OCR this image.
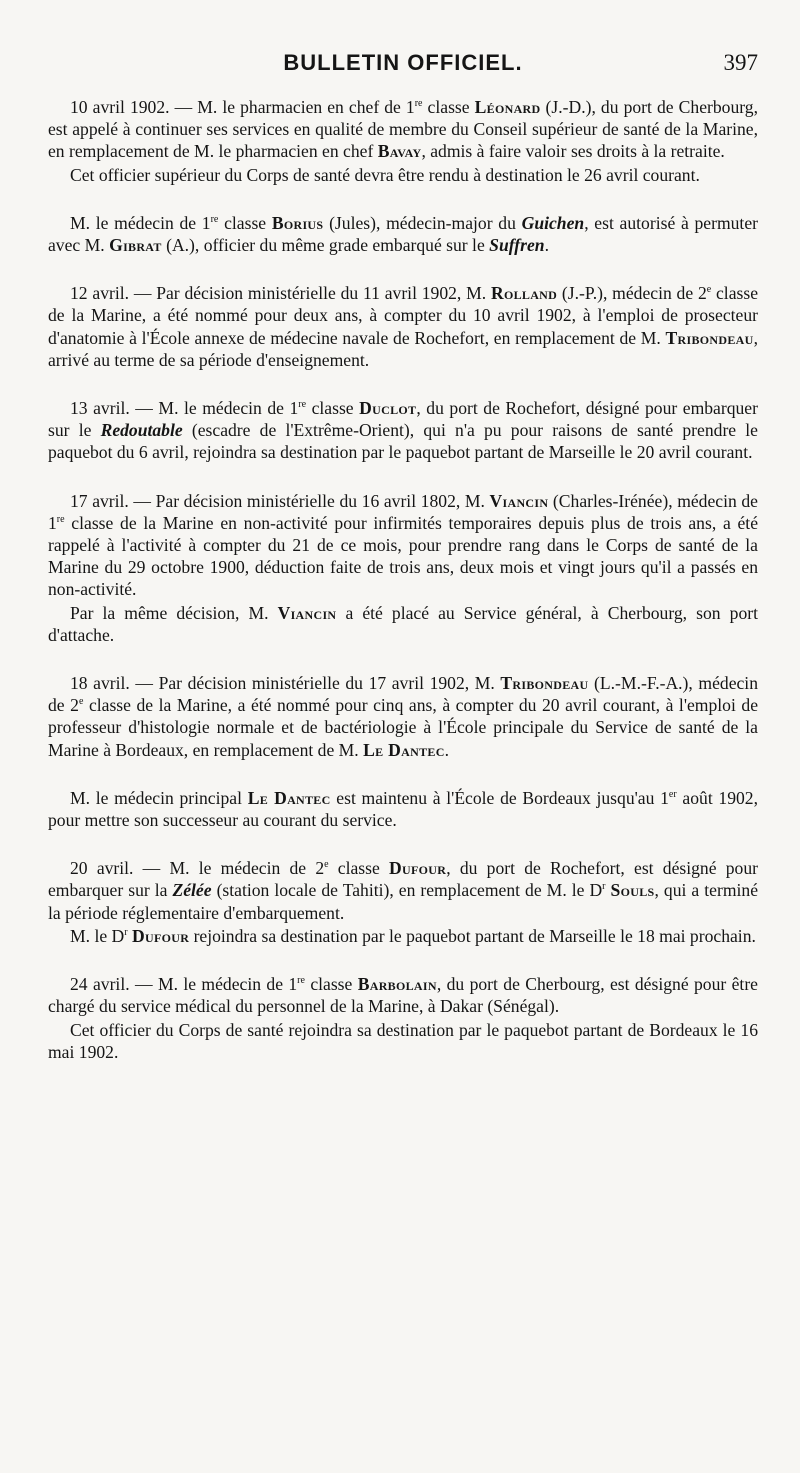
BULLETIN OFFICIEL.	397

10 avril 1902. — M. le pharmacien en chef de 1re classe Léonard (J.-D.), du port de Cherbourg, est appelé à continuer ses services en qualité de membre du Conseil supérieur de santé de la Marine, en remplacement de M. le pharmacien en chef Bavay, admis à faire valoir ses droits à la retraite.

Cet officier supérieur du Corps de santé devra être rendu à destination le 26 avril courant.

M. le médecin de 1re classe Borius (Jules), médecin-major du Guichen, est autorisé à permuter avec M. Gibrat (A.), officier du même grade embarqué sur le Suffren.

12 avril. — Par décision ministérielle du 11 avril 1902, M. Rolland (J.-P.), médecin de 2e classe de la Marine, a été nommé pour deux ans, à compter du 10 avril 1902, à l'emploi de prosecteur d'anatomie à l'École annexe de médecine navale de Rochefort, en remplacement de M. Tribondeau, arrivé au terme de sa période d'enseignement.

13 avril. — M. le médecin de 1re classe Duclot, du port de Rochefort, désigné pour embarquer sur le Redoutable (escadre de l'Extrême-Orient), qui n'a pu pour raisons de santé prendre le paquebot du 6 avril, rejoindra sa destination par le paquebot partant de Marseille le 20 avril courant.

17 avril. — Par décision ministérielle du 16 avril 1802, M. Viancin (Charles-Irénée), médecin de 1re classe de la Marine en non-activité pour infirmités temporaires depuis plus de trois ans, a été rappelé à l'activité à compter du 21 de ce mois, pour prendre rang dans le Corps de santé de la Marine du 29 octobre 1900, déduction faite de trois ans, deux mois et vingt jours qu'il a passés en non-activité.

Par la même décision, M. Viancin a été placé au Service général, à Cherbourg, son port d'attache.

18 avril. — Par décision ministérielle du 17 avril 1902, M. Tribondeau (L.-M.-F.-A.), médecin de 2e classe de la Marine, a été nommé pour cinq ans, à compter du 20 avril courant, à l'emploi de professeur d'histologie normale et de bactériologie à l'École principale du Service de santé de la Marine à Bordeaux, en remplacement de M. Le Dantec.

M. le médecin principal Le Dantec est maintenu à l'École de Bordeaux jusqu'au 1er août 1902, pour mettre son successeur au courant du service.

20 avril. — M. le médecin de 2e classe Dufour, du port de Rochefort, est désigné pour embarquer sur la Zélée (station locale de Tahiti), en remplacement de M. le $D^r$ Souls, qui a terminé la période réglementaire d'embarquement.

M. le $D^r$ Dufour rejoindra sa destination par le paquebot partant de Marseille le 18 mai prochain.

24 avril. — M. le médecin de 1re classe Barbolain, du port de Cherbourg, est désigné pour être chargé du service médical du personnel de la Marine, à Dakar (Sénégal).

Cet officier du Corps de santé rejoindra sa destination par le paquebot partant de Bordeaux le 16 mai 1902.
